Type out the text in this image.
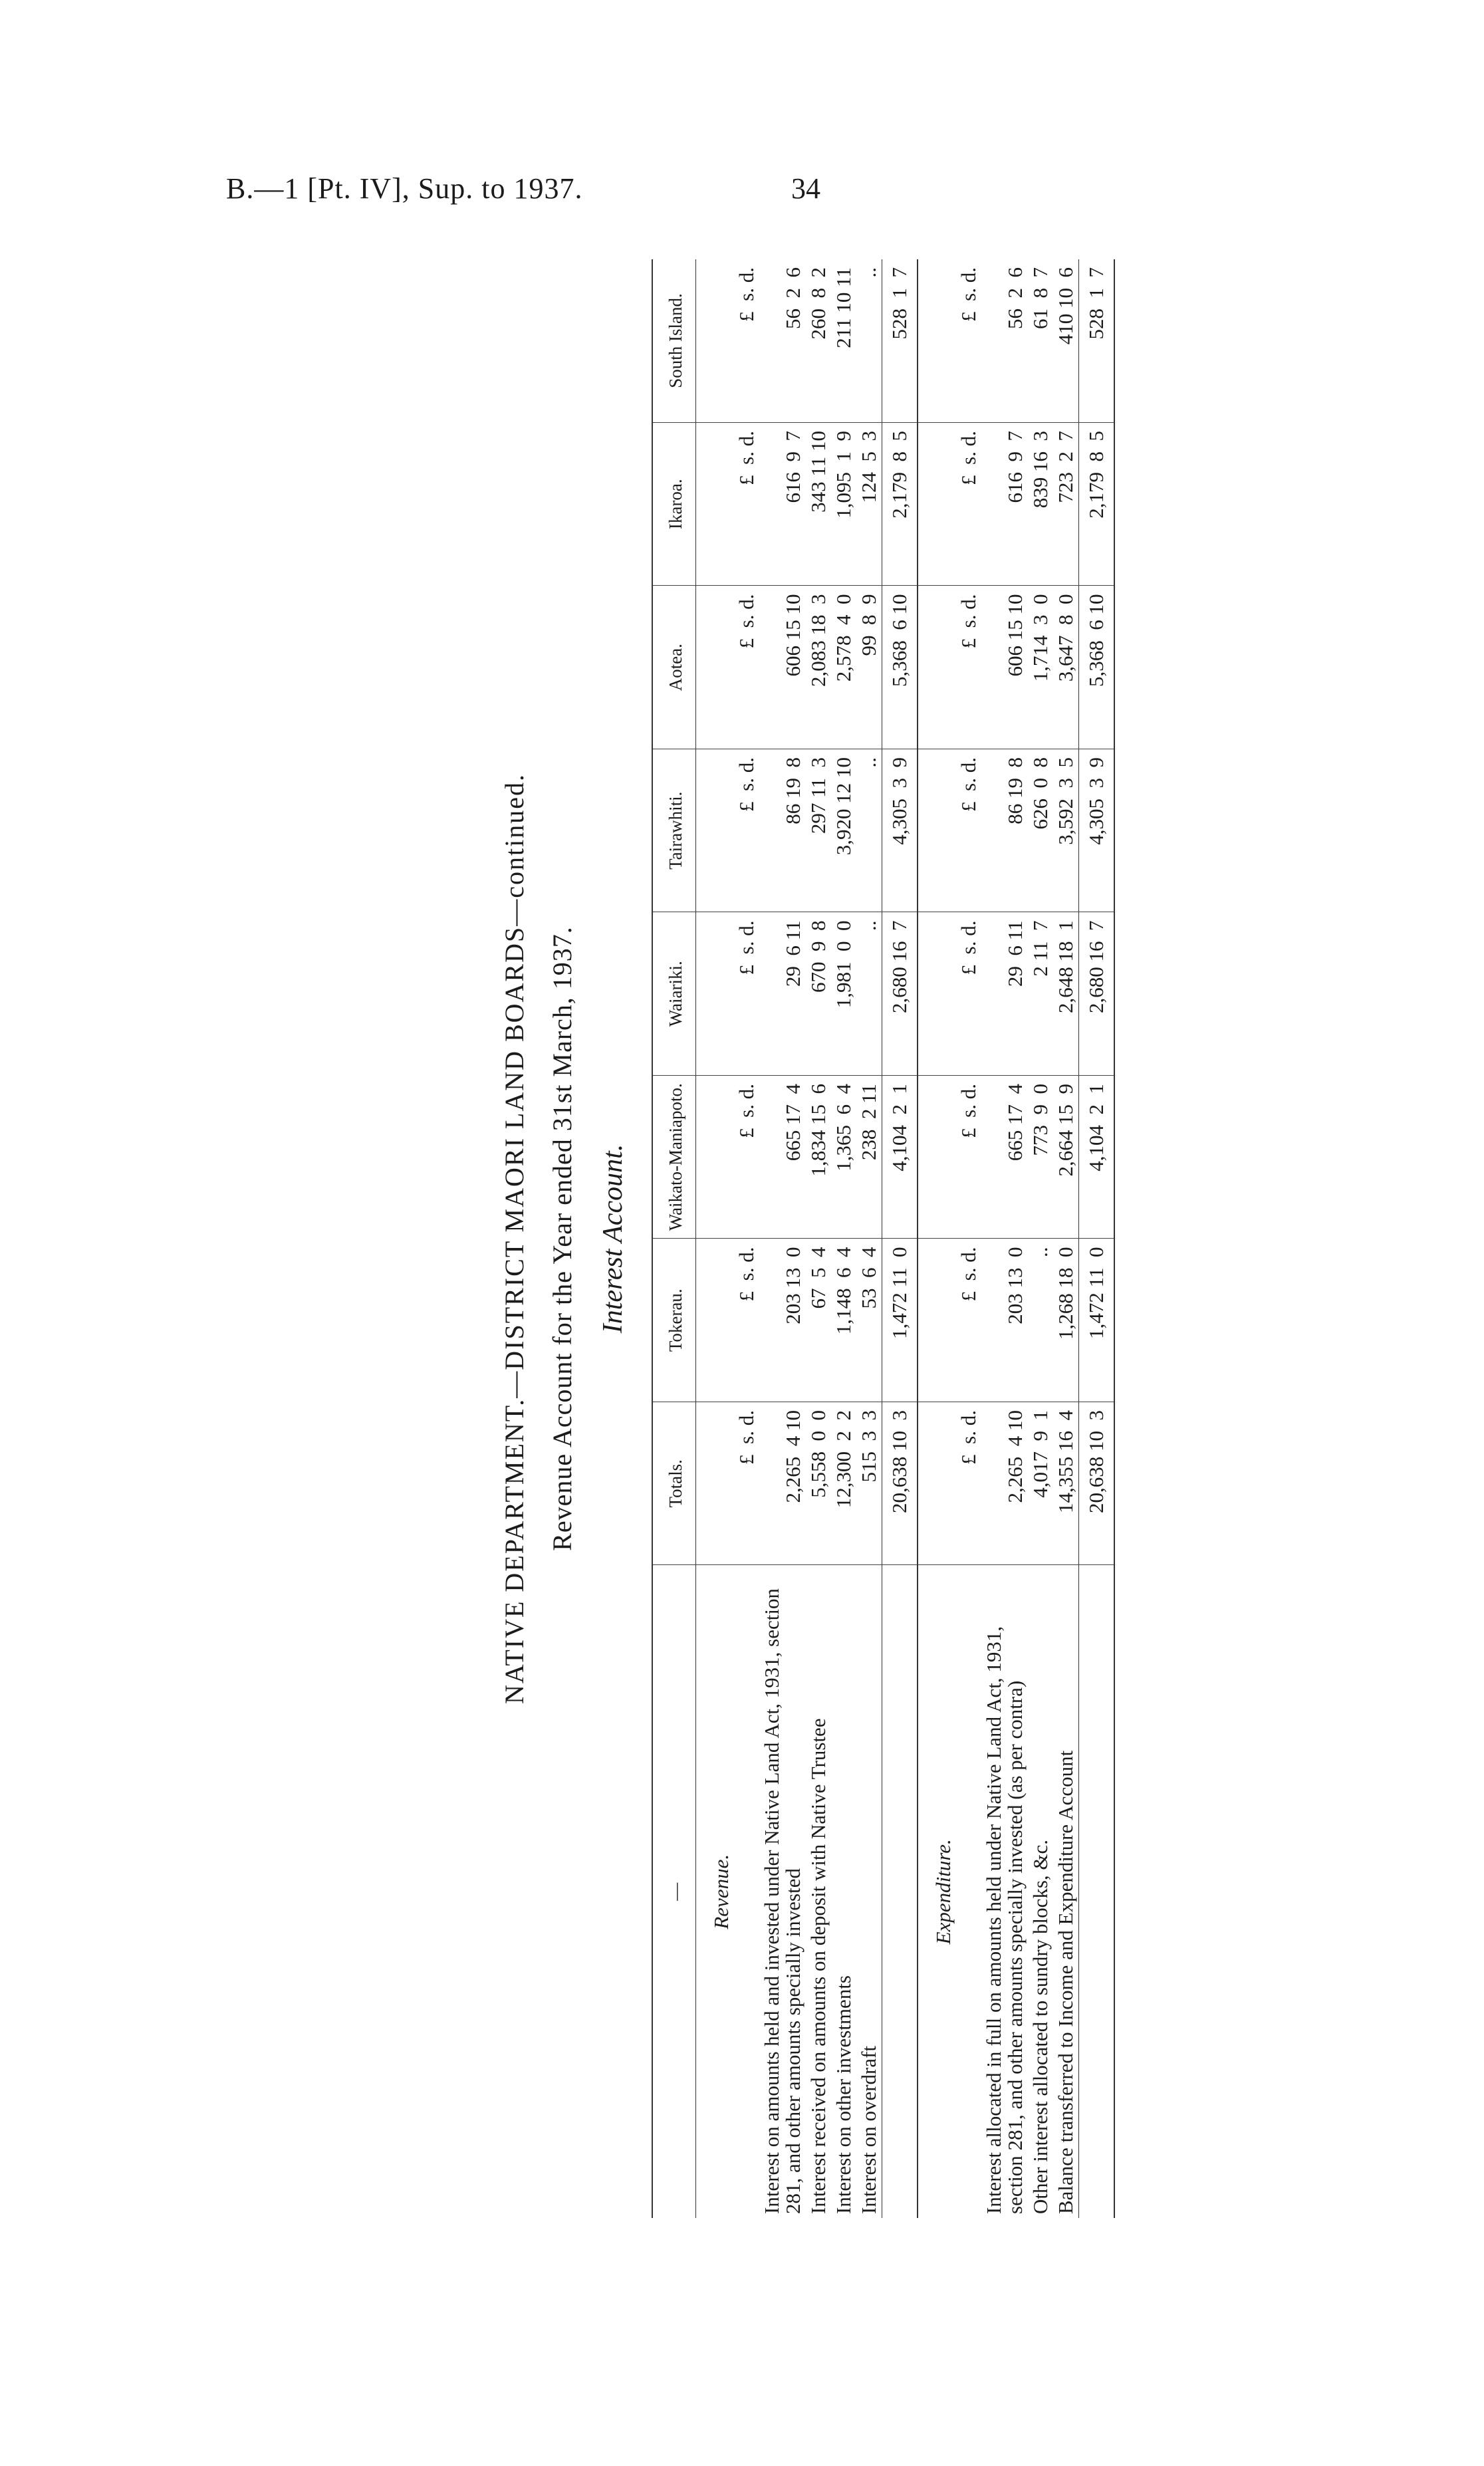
B.—1 [Pt. IV], Sup. to 1937.	34
NATIVE DEPARTMENT.—DISTRICT MAORI LAND BOARDS—continued. Revenue Account for the Year ended 31st March, 1937. Interest Account.
—	Totals.	Tokerau.	Waikato-Maniapoto.	Waiariki.	Tairawhiti.	Aotea.	Ikaroa.	South Island.
Revenue.								
	£  s. d.	£  s. d.	£  s. d.	£  s. d.	£  s. d.	£  s. d.	£  s. d.	£  s. d.
Interest on amounts held and invested under Native Land Act, 1931, section 281, and other amounts specially invested	2,265  4 10	203 13  0	665 17  4	29  6 11	86 19  8	606 15 10	616  9  7	56  2  6
Interest received on amounts on deposit with Native Trustee	5,558  0  0	67  5  4	1,834 15  6	670  9  8	297 11  3	2,083 18  3	343 11 10	260  8  2
Interest on other investments	12,300  2  2	1,148  6  4	1,365  6  4	1,981  0  0	3,920 12 10	2,578  4  0	1,095  1  9	211 10 11
Interest on overdraft	515  3  3	53  6  4	238  2 11	..	..	99  8  9	124  5  3	..
	20,638 10  3	1,472 11  0	4,104  2  1	2,680 16  7	4,305  3  9	5,368  6 10	2,179  8  5	528  1  7
Expenditure.								
	£  s. d.	£  s. d.	£  s. d.	£  s. d.	£  s. d.	£  s. d.	£  s. d.	£  s. d.
Interest allocated in full on amounts held under Native Land Act, 1931, section 281, and other amounts specially invested (as per contra)	2,265  4 10	203 13  0	665 17  4	29  6 11	86 19  8	606 15 10	616  9  7	56  2  6
Other interest allocated to sundry blocks, &c.	4,017  9  1	..	773  9  0	2 11  7	626  0  8	1,714  3  0	839 16  3	61  8  7
Balance transferred to Income and Expenditure Account	14,355 16  4	1,268 18  0	2,664 15  9	2,648 18  1	3,592  3  5	3,647  8  0	723  2  7	410 10  6
	20,638 10  3	1,472 11  0	4,104  2  1	2,680 16  7	4,305  3  9	5,368  6 10	2,179  8  5	528  1  7
